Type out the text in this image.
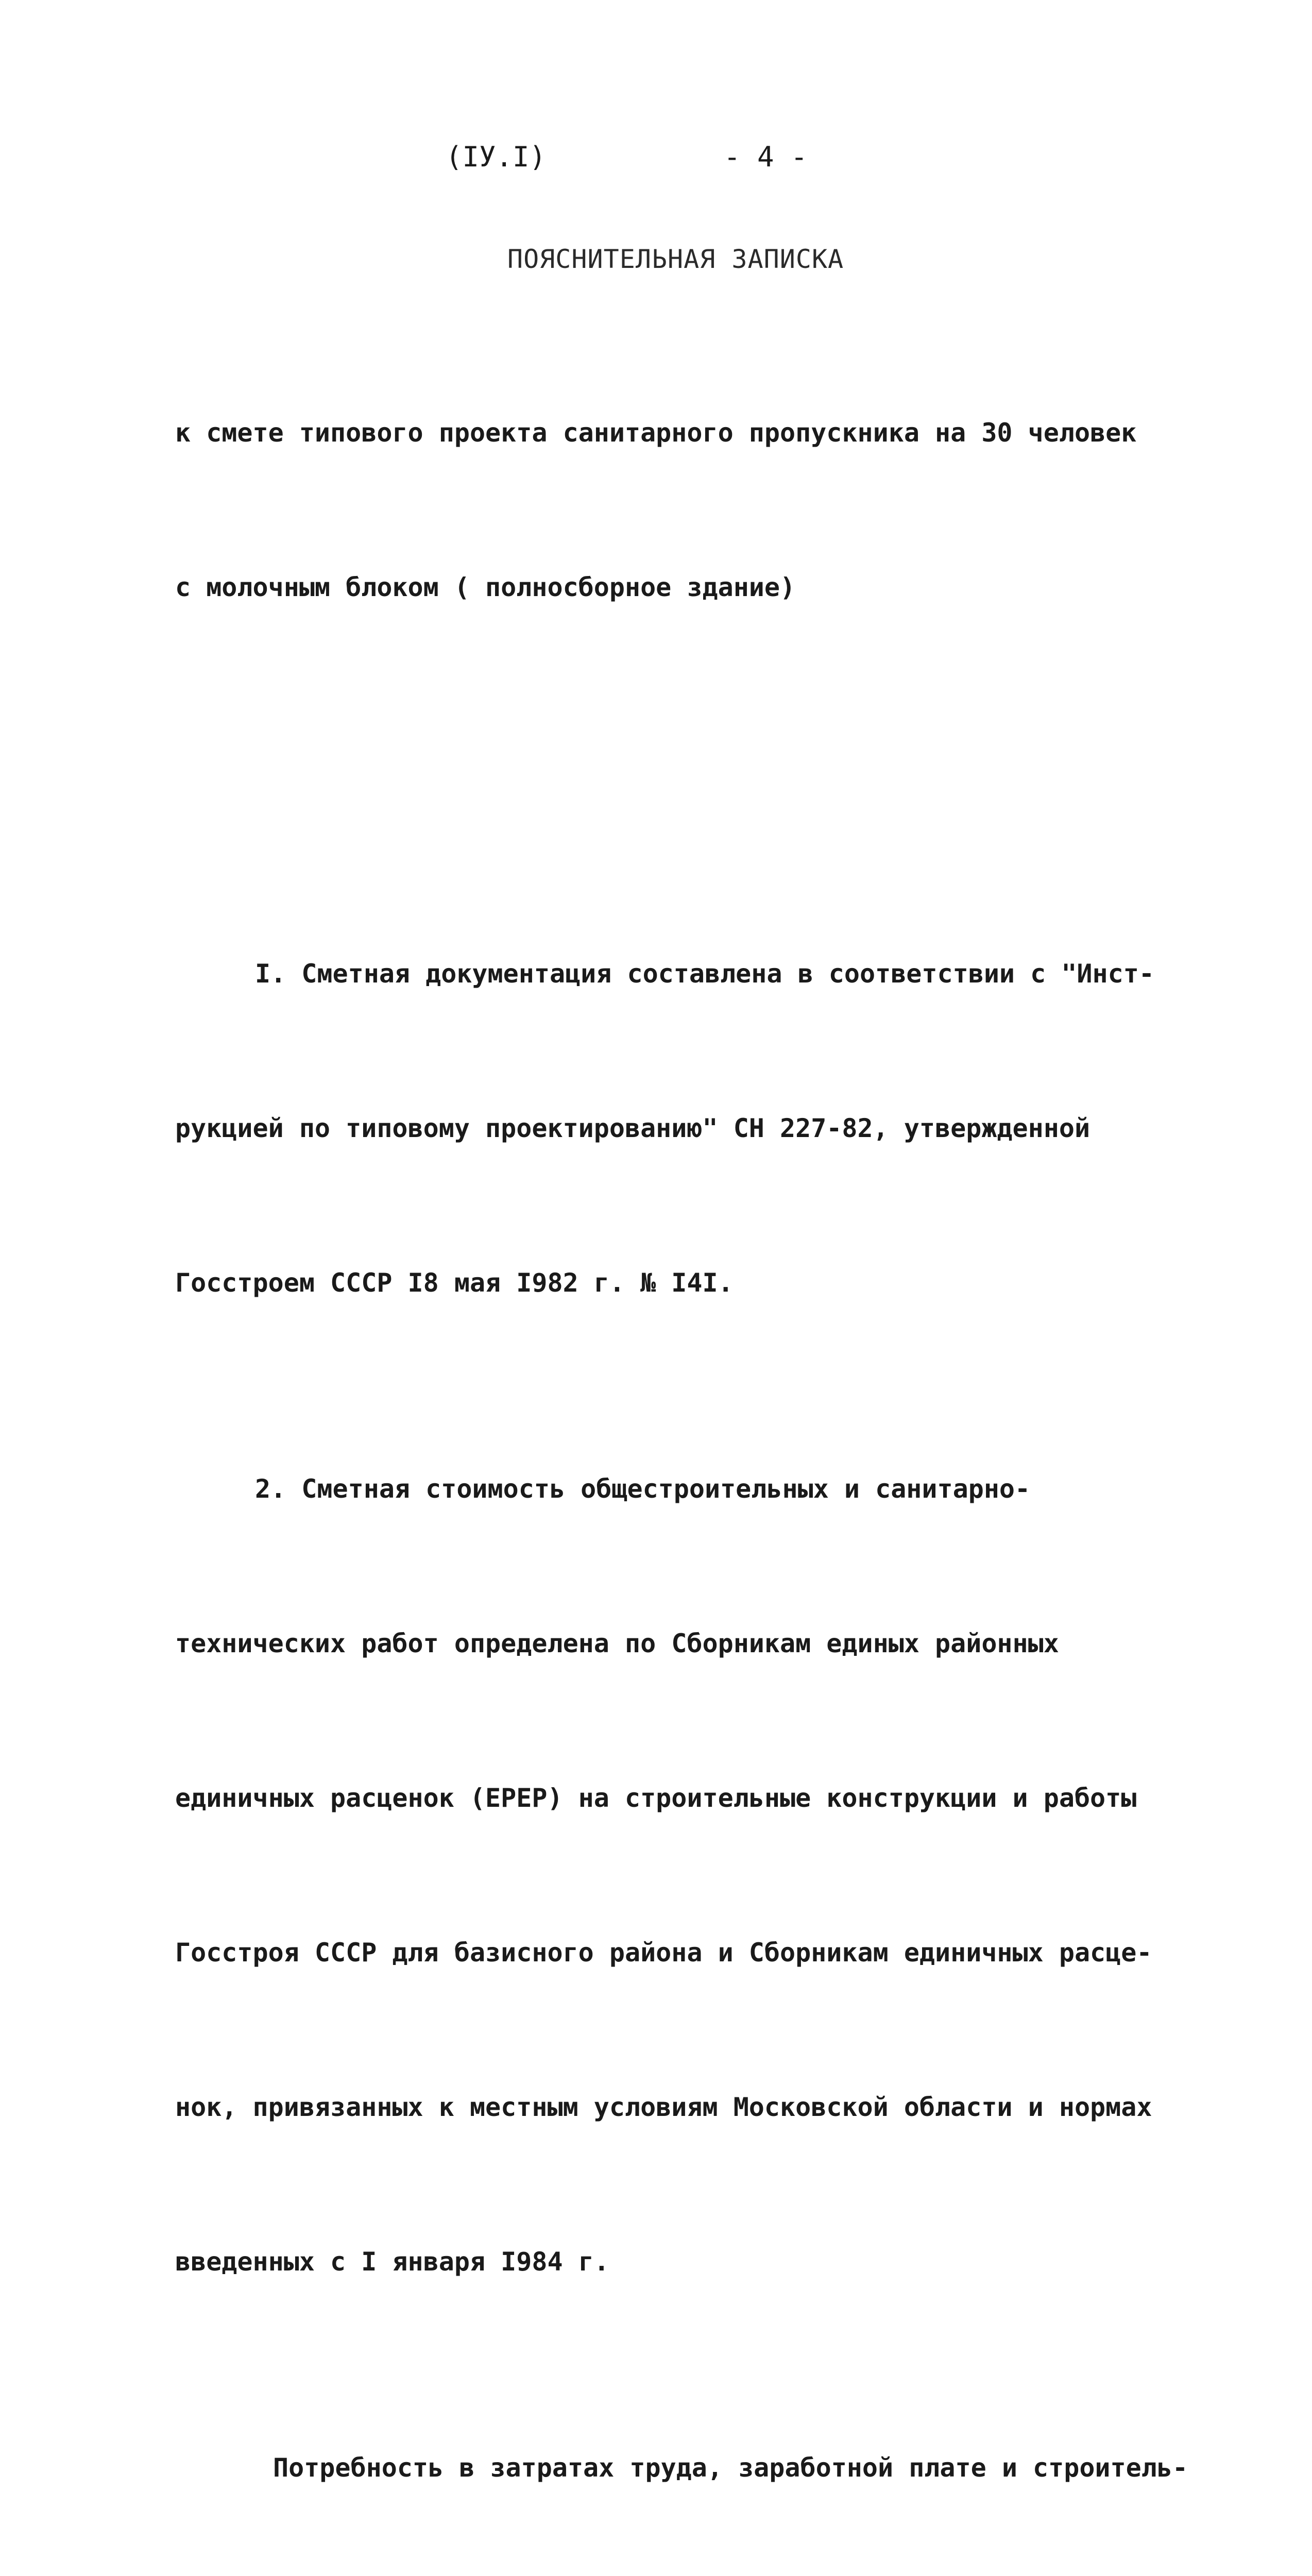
(IУ.I)	- 4 -
ПОЯСНИТЕЛЬНАЯ ЗАПИСКА

к смете типового проекта санитарного пропускника на 30 человек

с молочным блоком ( полносборное здание)

I. Сметная документация составлена в соответствии с "Инст-

рукцией по типовому проектированию" СН 227-82, утвержденной

Госстроем СССР I8 мая I982 г. № I4I.

2. Сметная стоимость общестроительных и санитарно-

технических работ определена по Сборникам единых районных

единичных расценок (ЕРЕР) на строительные конструкции и работы

Госстроя СССР для базисного района и Сборникам единичных расце-

нок, привязанных к местным условиям Московской области и нормах

введенных с I января I984 г.

Потребность в затратах труда, заработной плате и строитель-
